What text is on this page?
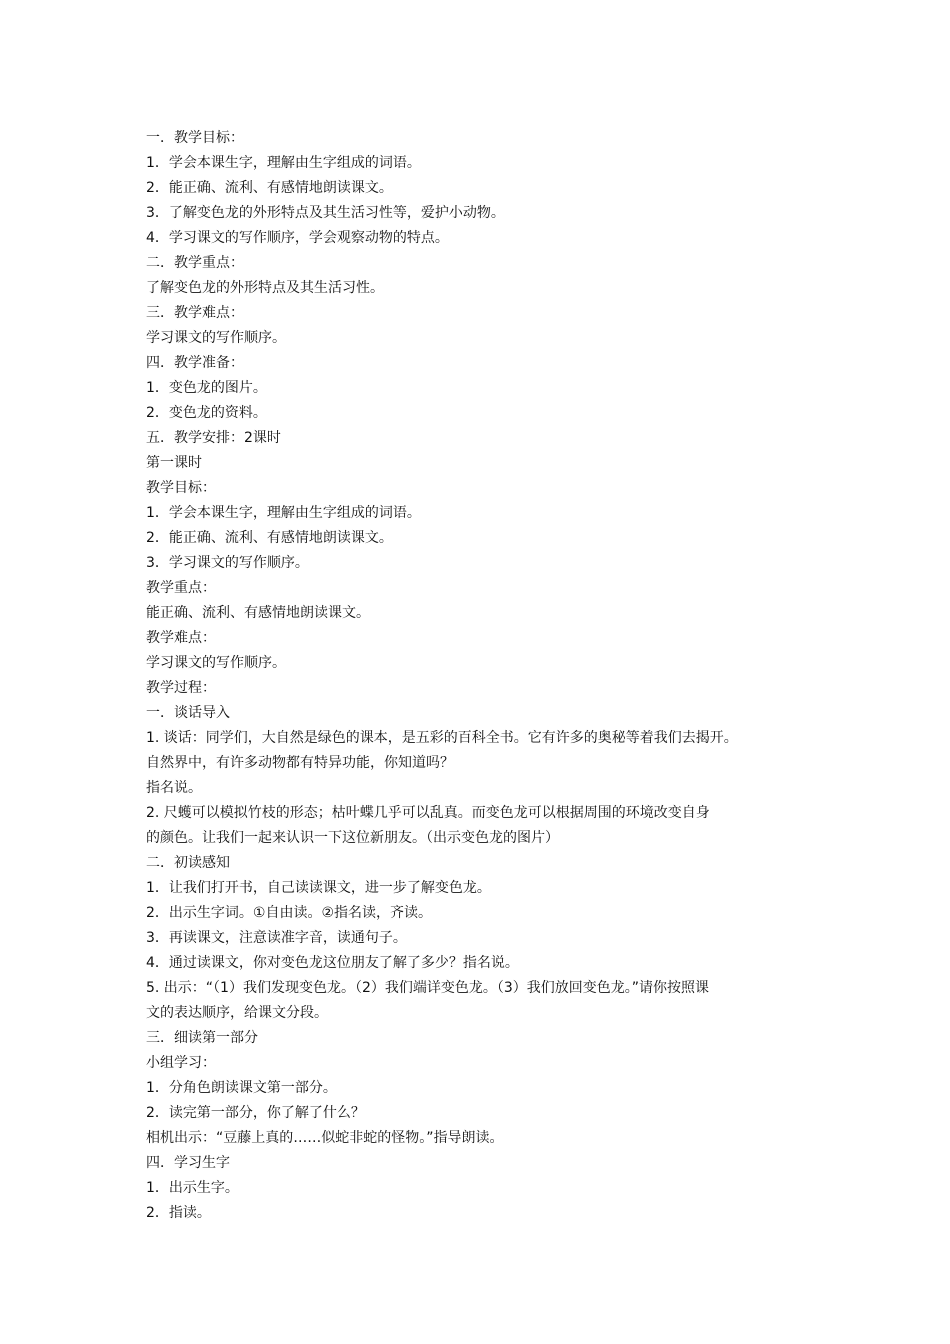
一．教学目标：
1．学会本课生字，理解由生字组成的词语。
2．能正确、流利、有感情地朗读课文。
3．了解变色龙的外形特点及其生活习性等，爱护小动物。
4．学习课文的写作顺序，学会观察动物的特点。
二．教学重点：
了解变色龙的外形特点及其生活习性。
三．教学难点：
学习课文的写作顺序。
四．教学准备：
1．变色龙的图片。
2．变色龙的资料。
五．教学安排：2课时
第一课时
教学目标：
1．学会本课生字，理解由生字组成的词语。
2．能正确、流利、有感情地朗读课文。
3．学习课文的写作顺序。
教学重点：
能正确、流利、有感情地朗读课文。
教学难点：
学习课文的写作顺序。
教学过程：
一．谈话导入
1. 谈话：同学们，大自然是绿色的课本，是五彩的百科全书。它有许多的奥秘等着我们去揭开。
自然界中，有许多动物都有特异功能，你知道吗？
指名说。
2. 尺蠖可以模拟竹枝的形态；枯叶蝶几乎可以乱真。而变色龙可以根据周围的环境改变自身
的颜色。让我们一起来认识一下这位新朋友。（出示变色龙的图片）
二．初读感知
1．让我们打开书，自己读读课文，进一步了解变色龙。
2．出示生字词。①自由读。②指名读，齐读。
3．再读课文，注意读准字音，读通句子。
4．通过读课文，你对变色龙这位朋友了解了多少？指名说。
5. 出示：“（1）我们发现变色龙。（2）我们端详变色龙。（3）我们放回变色龙。”请你按照课
文的表达顺序，给课文分段。
三．细读第一部分
小组学习：
1．分角色朗读课文第一部分。
2．读完第一部分，你了解了什么？
相机出示：“豆藤上真的……似蛇非蛇的怪物。”指导朗读。
四．学习生字
1．出示生字。
2．指读。
